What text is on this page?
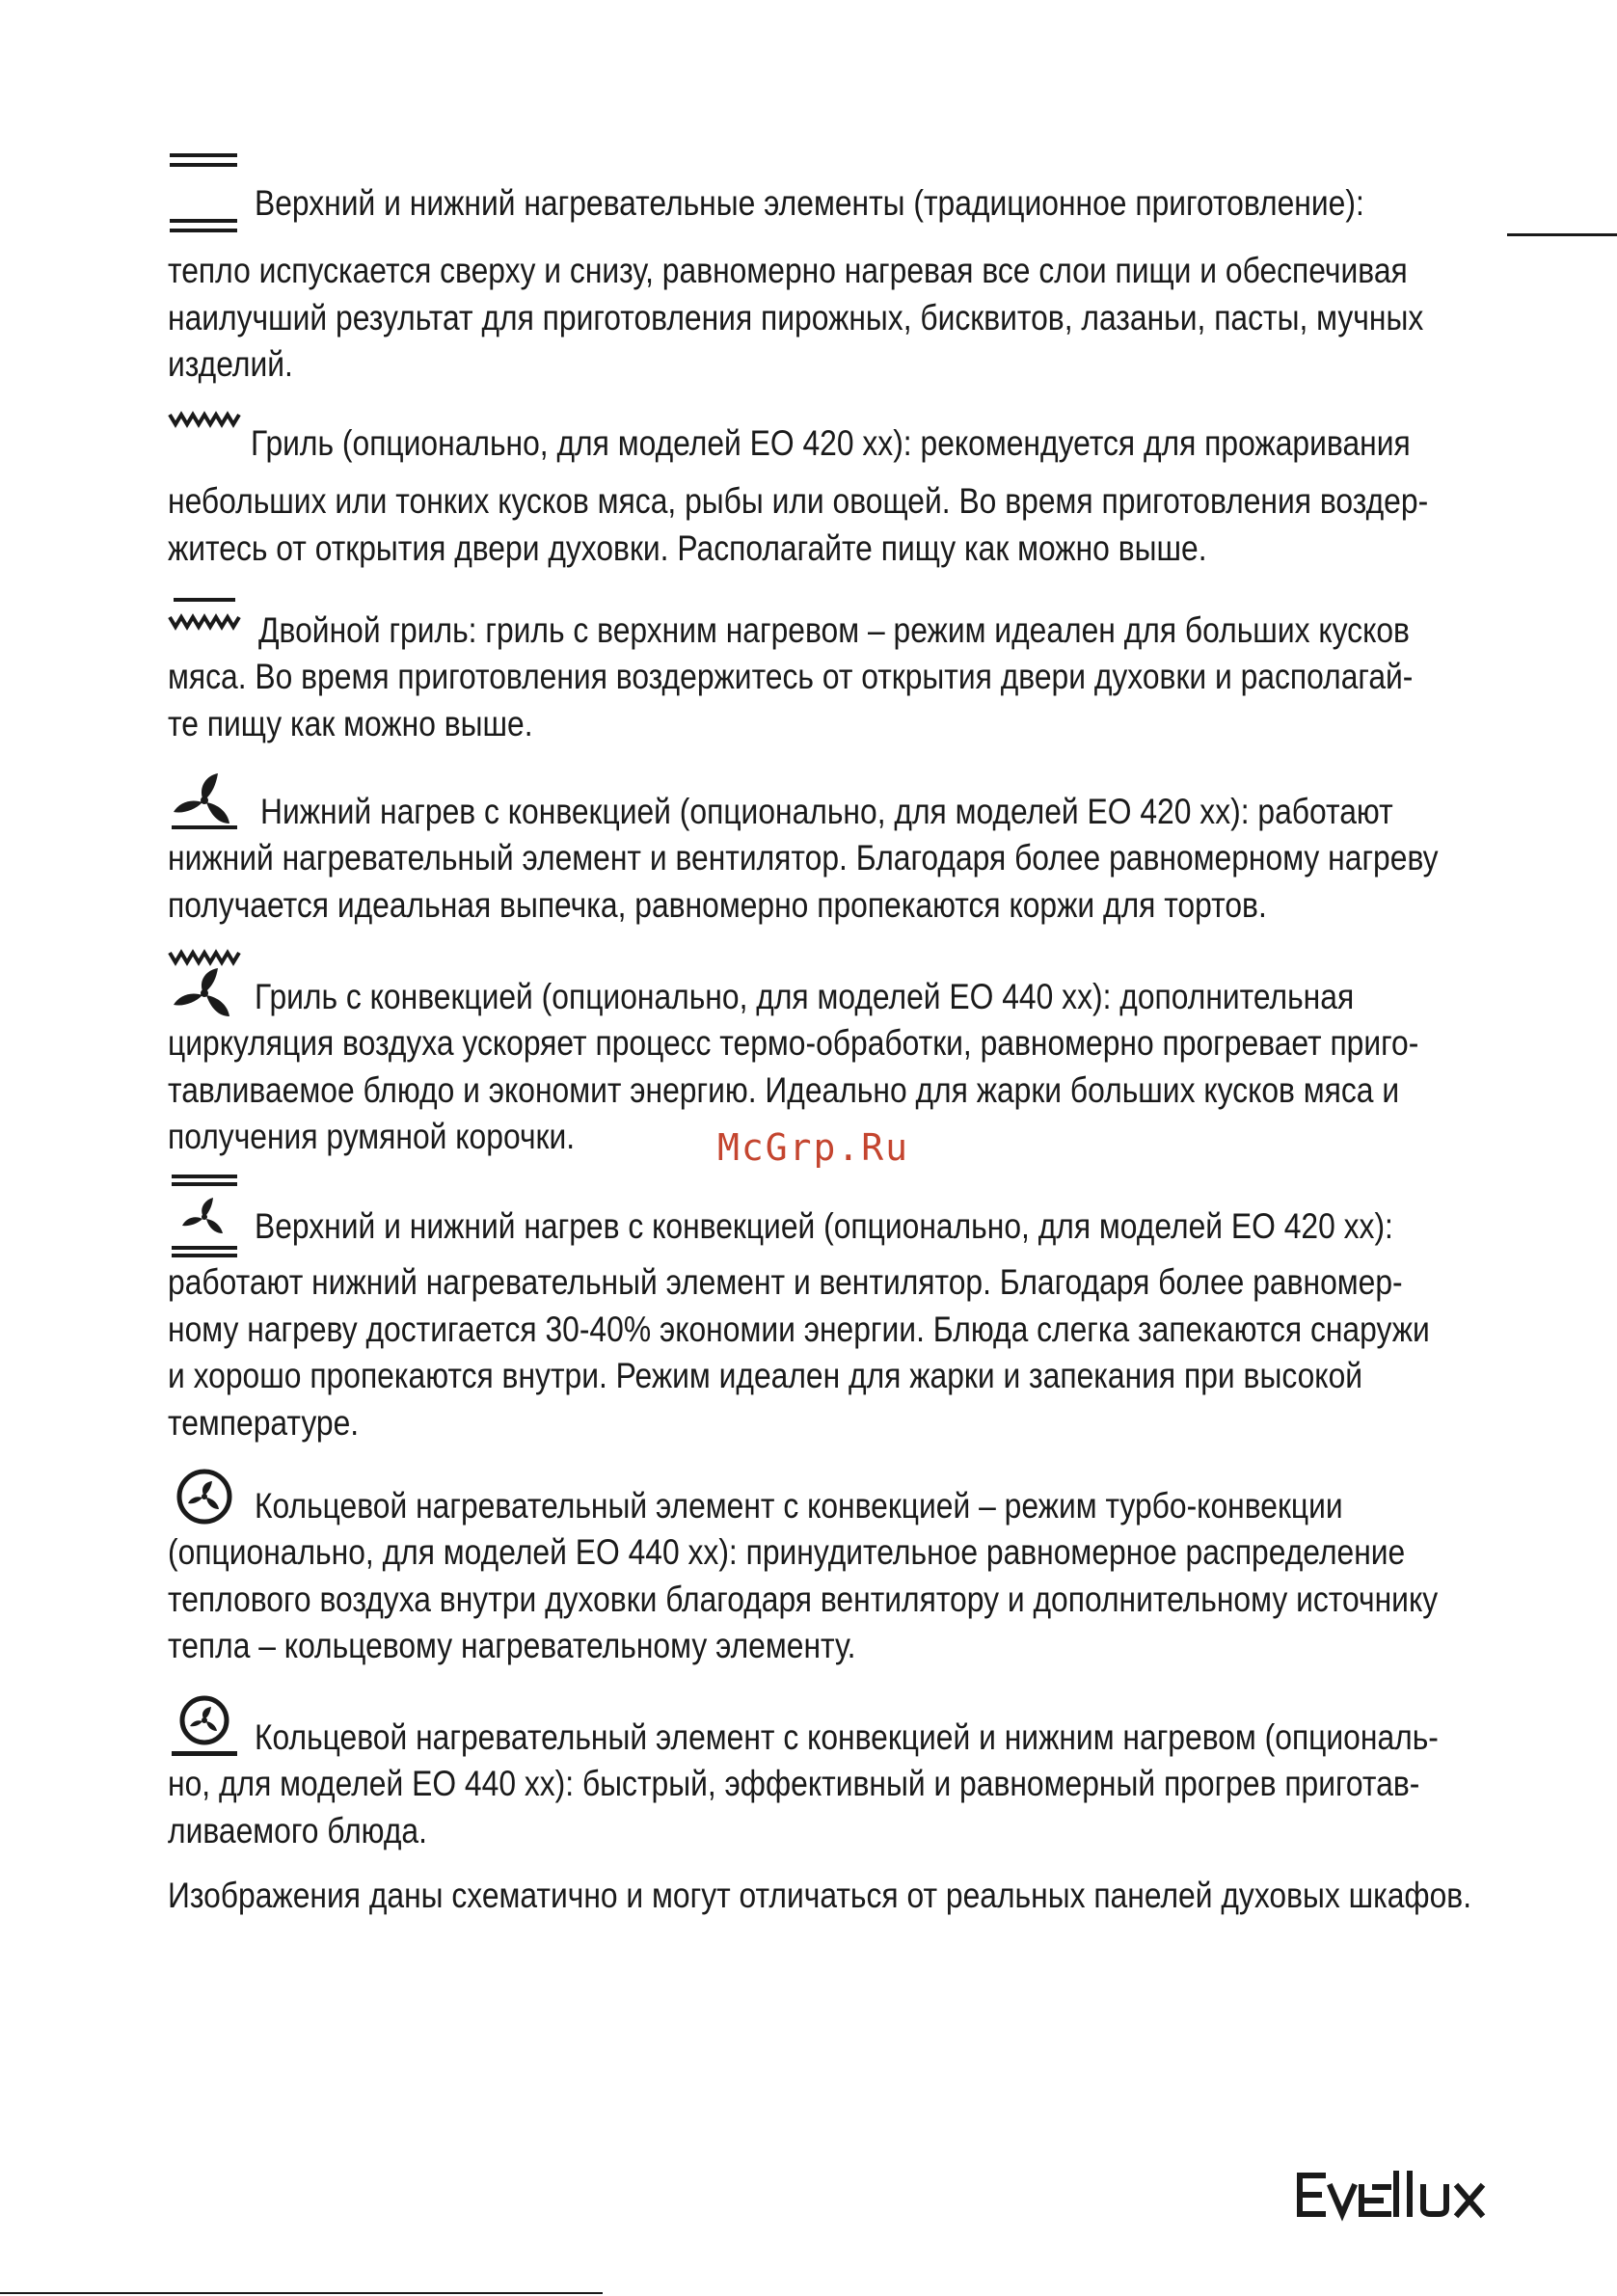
Верхний и нижний нагревательные элементы (традиционное приготовление):
тепло испускается сверху и снизу, равномерно нагревая все слои пищи и обеспечивая
наилучший результат для приготовления пирожных, бисквитов, лазаньи, пасты, мучных
изделий.
Гриль (опционально, для моделей EO 420 xx): рекомендуется для прожаривания
небольших или тонких кусков мяса, рыбы или овощей. Во время приготовления воздер-
житесь от открытия двери духовки. Располагайте пищу как можно выше.
Двойной гриль: гриль с верхним нагревом – режим идеален для больших кусков
мяса. Во время приготовления воздержитесь от открытия двери духовки и располагай-
те пищу как можно выше.
Нижний нагрев с конвекцией (опционально, для моделей EO 420 xx): работают
нижний нагревательный элемент и вентилятор. Благодаря более равномерному нагреву
получается идеальная выпечка, равномерно пропекаются коржи для тортов.
Гриль с конвекцией (опционально, для моделей EO 440 xx): дополнительная
циркуляция воздуха ускоряет процесс термо-обработки, равномерно прогревает приго-
тавливаемое блюдо и экономит энергию. Идеально для жарки больших кусков мяса и
получения румяной корочки.
Верхний и нижний нагрев с конвекцией (опционально, для моделей EO 420 xx):
работают нижний нагревательный элемент и вентилятор. Благодаря более равномер-
ному нагреву достигается 30-40% экономии энергии. Блюда слегка запекаются снаружи
и хорошо пропекаются внутри. Режим идеален для жарки и запекания при высокой
температуре.
Кольцевой нагревательный элемент с конвекцией – режим турбо-конвекции
(опционально, для моделей EO 440 xx): принудительное равномерное распределение
теплового воздуха внутри духовки благодаря вентилятору и дополнительному источнику
тепла – кольцевому нагревательному элементу.
Кольцевой нагревательный элемент с конвекцией и нижним нагревом (опциональ-
но, для моделей EO 440 xx): быстрый, эффективный и равномерный прогрев приготав-
ливаемого блюда.
Изображения даны схематично и могут отличаться от реальных панелей духовых шкафов.
McGrp.Ru
